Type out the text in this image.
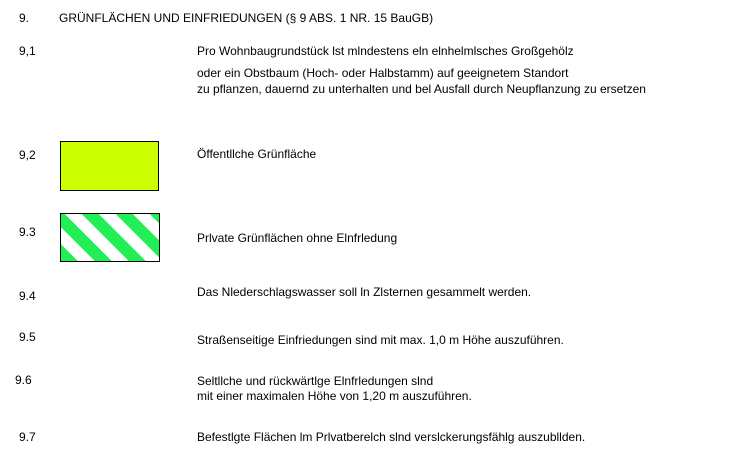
9. GRÜNFLÄCHEN UND EINFRIEDUNGEN (§ 9 ABS. 1 NR. 15 BauGB)
9,1	Pro Wohnbaugrundstück lst mlndestens eln elnhelmlsches Großgehölz
oder ein Obstbaum (Hoch- oder Halbstamm) auf geeignetem Standort
zu pflanzen, dauernd zu unterhalten und bel Ausfall durch Neupflanzung zu ersetzen
9,2	Öffentllche Grünfläche
9.3	Prlvate Grünflächen ohne Elnfrledung
9.4	Das Nlederschlagswasser soll ln Zlsternen gesammelt werden.
9.5	Straßenseitige Einfriedungen sind mit max. 1,0 m Höhe auszuführen.
9.6	Seltllche und rückwärtlge Elnfrledungen slnd
mit einer maximalen Höhe von 1,20 m auszuführen.
9.7	Befestlgte Flächen lm Prlvatberelch slnd verslckerungsfählg auszubllden.
